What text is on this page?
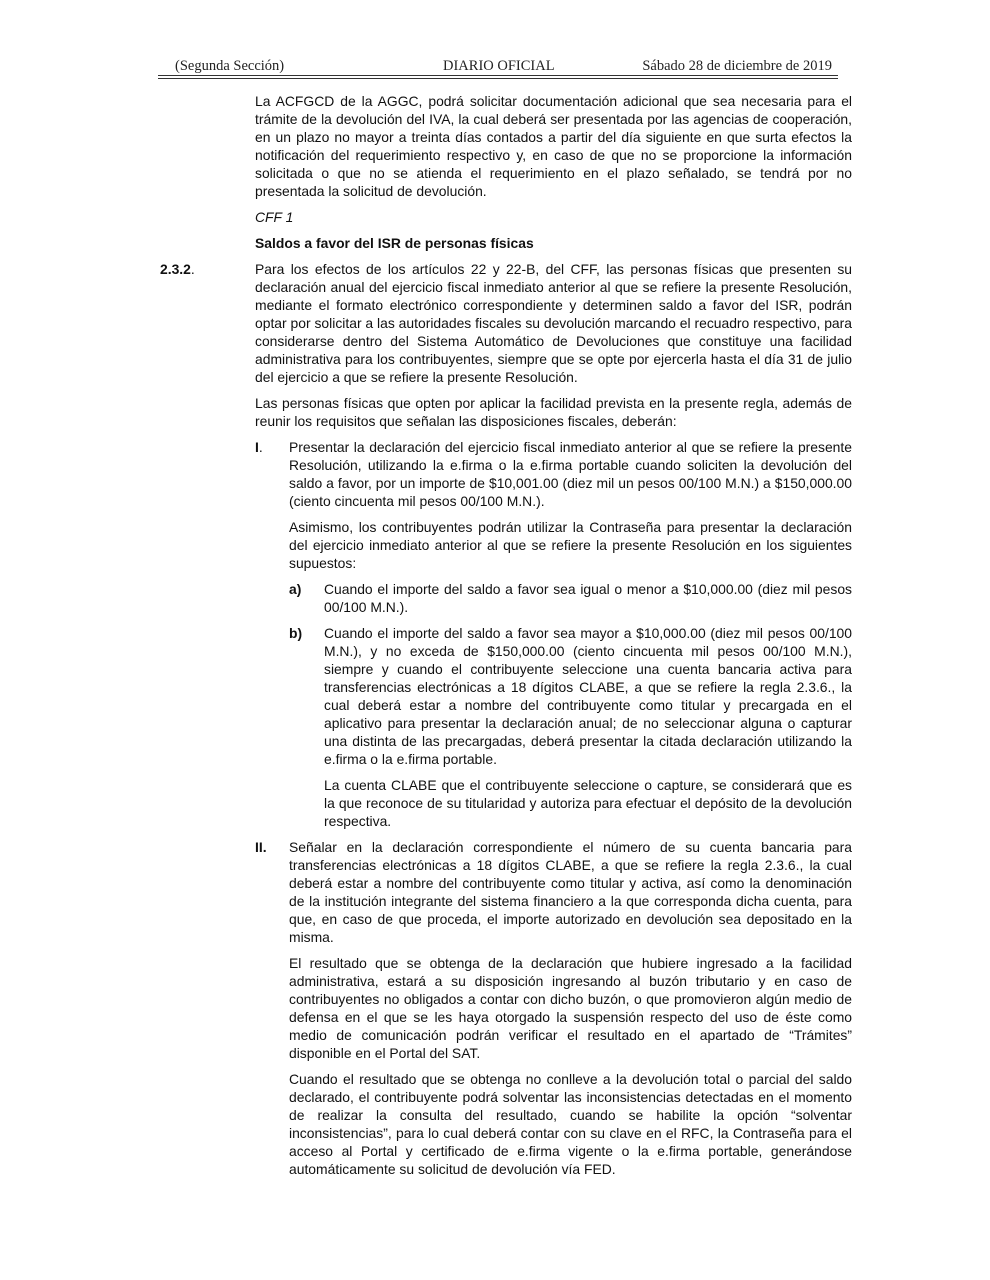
(Segunda Sección)	DIARIO OFICIAL	Sábado 28 de diciembre de 2019

La ACFGCD de la AGGC, podrá solicitar documentación adicional que sea necesaria para el trámite de la devolución del IVA, la cual deberá ser presentada por las agencias de cooperación, en un plazo no mayor a treinta días contados a partir del día siguiente en que surta efectos la notificación del requerimiento respectivo y, en caso de que no se proporcione la información solicitada o que no se atienda el requerimiento en el plazo señalado, se tendrá por no presentada la solicitud de devolución.

CFF 1

Saldos a favor del ISR de personas físicas

2.3.2.	Para los efectos de los artículos 22 y 22-B, del CFF, las personas físicas que presenten su declaración anual del ejercicio fiscal inmediato anterior al que se refiere la presente Resolución, mediante el formato electrónico correspondiente y determinen saldo a favor del ISR, podrán optar por solicitar a las autoridades fiscales su devolución marcando el recuadro respectivo, para considerarse dentro del Sistema Automático de Devoluciones que constituye una facilidad administrativa para los contribuyentes, siempre que se opte por ejercerla hasta el día 31 de julio del ejercicio a que se refiere la presente Resolución.

Las personas físicas que opten por aplicar la facilidad prevista en la presente regla, además de reunir los requisitos que señalan las disposiciones fiscales, deberán:

I. Presentar la declaración del ejercicio fiscal inmediato anterior al que se refiere la presente Resolución, utilizando la e.firma o la e.firma portable cuando soliciten la devolución del saldo a favor, por un importe de $10,001.00 (diez mil un pesos 00/100 M.N.) a $150,000.00 (ciento cincuenta mil pesos 00/100 M.N.).

Asimismo, los contribuyentes podrán utilizar la Contraseña para presentar la declaración del ejercicio inmediato anterior al que se refiere la presente Resolución en los siguientes supuestos:

a) Cuando el importe del saldo a favor sea igual o menor a $10,000.00 (diez mil pesos 00/100 M.N.).

b) Cuando el importe del saldo a favor sea mayor a $10,000.00 (diez mil pesos 00/100 M.N.), y no exceda de $150,000.00 (ciento cincuenta mil pesos 00/100 M.N.), siempre y cuando el contribuyente seleccione una cuenta bancaria activa para transferencias electrónicas a 18 dígitos CLABE, a que se refiere la regla 2.3.6., la cual deberá estar a nombre del contribuyente como titular y precargada en el aplicativo para presentar la declaración anual; de no seleccionar alguna o capturar una distinta de las precargadas, deberá presentar la citada declaración utilizando la e.firma o la e.firma portable.

La cuenta CLABE que el contribuyente seleccione o capture, se considerará que es la que reconoce de su titularidad y autoriza para efectuar el depósito de la devolución respectiva.

II. Señalar en la declaración correspondiente el número de su cuenta bancaria para transferencias electrónicas a 18 dígitos CLABE, a que se refiere la regla 2.3.6., la cual deberá estar a nombre del contribuyente como titular y activa, así como la denominación de la institución integrante del sistema financiero a la que corresponda dicha cuenta, para que, en caso de que proceda, el importe autorizado en devolución sea depositado en la misma.

El resultado que se obtenga de la declaración que hubiere ingresado a la facilidad administrativa, estará a su disposición ingresando al buzón tributario y en caso de contribuyentes no obligados a contar con dicho buzón, o que promovieron algún medio de defensa en el que se les haya otorgado la suspensión respecto del uso de éste como medio de comunicación podrán verificar el resultado en el apartado de “Trámites” disponible en el Portal del SAT.

Cuando el resultado que se obtenga no conlleve a la devolución total o parcial del saldo declarado, el contribuyente podrá solventar las inconsistencias detectadas en el momento de realizar la consulta del resultado, cuando se habilite la opción “solventar inconsistencias”, para lo cual deberá contar con su clave en el RFC, la Contraseña para el acceso al Portal y certificado de e.firma vigente o la e.firma portable, generándose automáticamente su solicitud de devolución vía FED.
